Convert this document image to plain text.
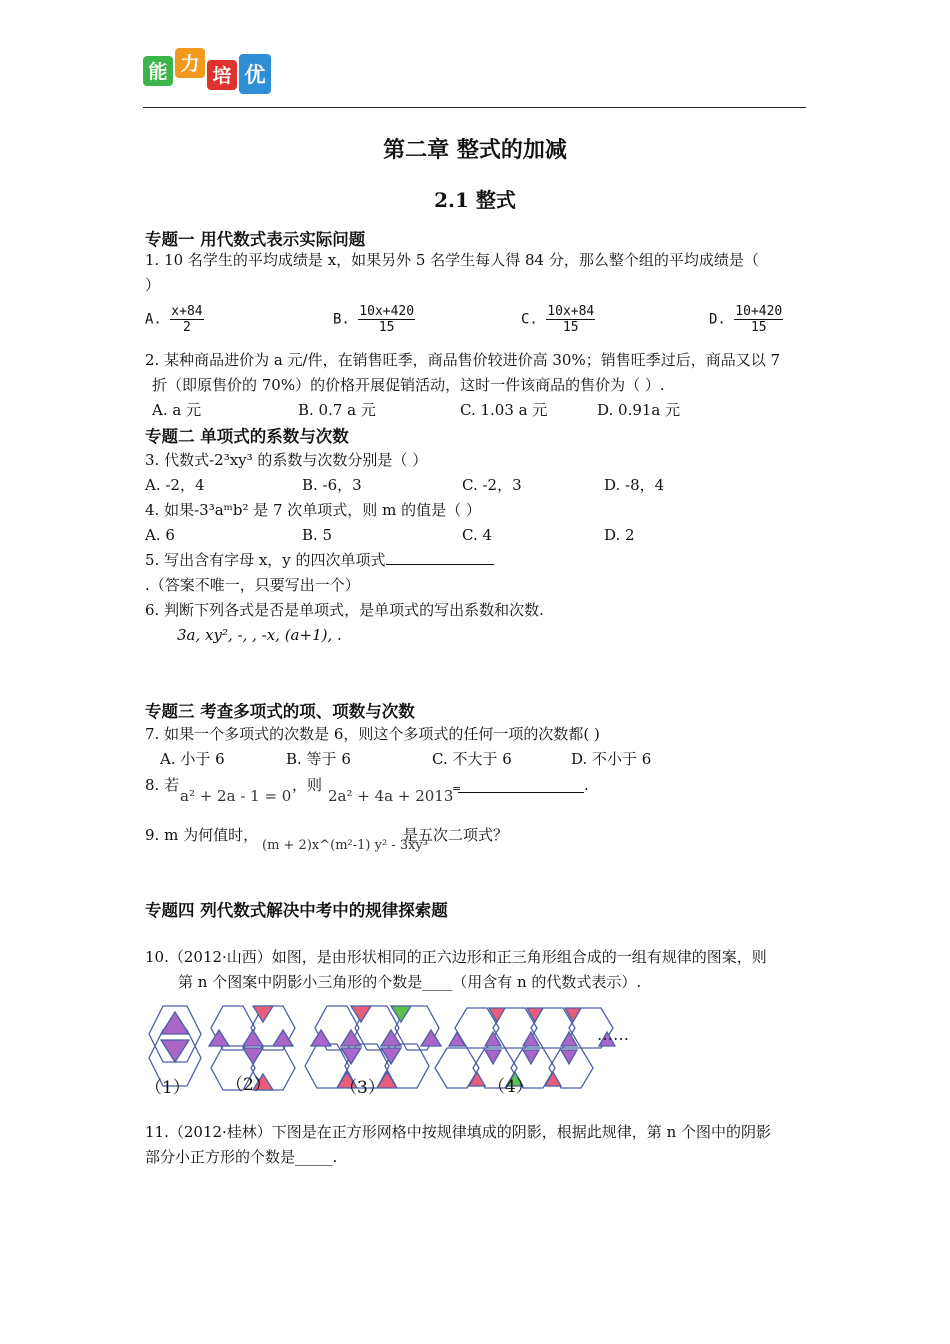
能 力
培 优
第二章 整式的加减
2.1 整式
专题一 用代数式表示实际问题
1. 10 名学生的平均成绩是 x，如果另外 5 名学生每人得 84 分，那么整个组的平均成绩是（
）
A. $\frac{x+84}{2}$	B. $\frac{10x+420}{15}$	C. $\frac{10x+84}{15}$	D. $\frac{10+420}{15}$
2. 某种商品进价为 a 元/件，在销售旺季，商品售价较进价高 30%；销售旺季过后，商品又以 7
折（即原售价的 70%）的价格开展促销活动，这时一件该商品的售价为（ ）.
A. a 元	B. 0.7 a 元	C. 1.03 a 元	D. 0.91a 元
专题二 单项式的系数与次数
3. 代数式-2³xy³ 的系数与次数分别是（ ）
A. -2，4	B. -6，3	C. -2，3	D. -8，4
4. 如果-3³aᵐb² 是 7 次单项式，则 m 的值是（ ）
A. 6	B. 5	C. 4	D. 2
5. 写出含有字母 x，y 的四次单项式
.（答案不唯一，只要写出一个）
6. 判断下列各式是否是单项式，是单项式的写出系数和次数.
3a, xy², -, , -x, (a+1), .
专题三 考查多项式的项、项数与次数
7. 如果一个多项式的次数是 6，则这个多项式的任何一项的次数都( )
A. 小于 6	B. 等于 6	C. 不大于 6	D. 不小于 6
8. 若
a² + 2a - 1 = 0
，则
2a² + 4a + 2013
=	.
9. m 为何值时，
(m + 2)x^(m²-1) y² - 3xy³
是五次二项式？
专题四 列代数式解决中考中的规律探索题
10.（2012·山西）如图，是由形状相同的正六边形和正三角形组合成的一组有规律的图案，则
第 n 个图案中阴影小三角形的个数是____（用含有 n 的代数式表示）.
……
（1） （2）	（3）	（4）
11.（2012·桂林）下图是在正方形网格中按规律填成的阴影，根据此规律，第 n 个图中的阴影
部分小正方形的个数是_____.
